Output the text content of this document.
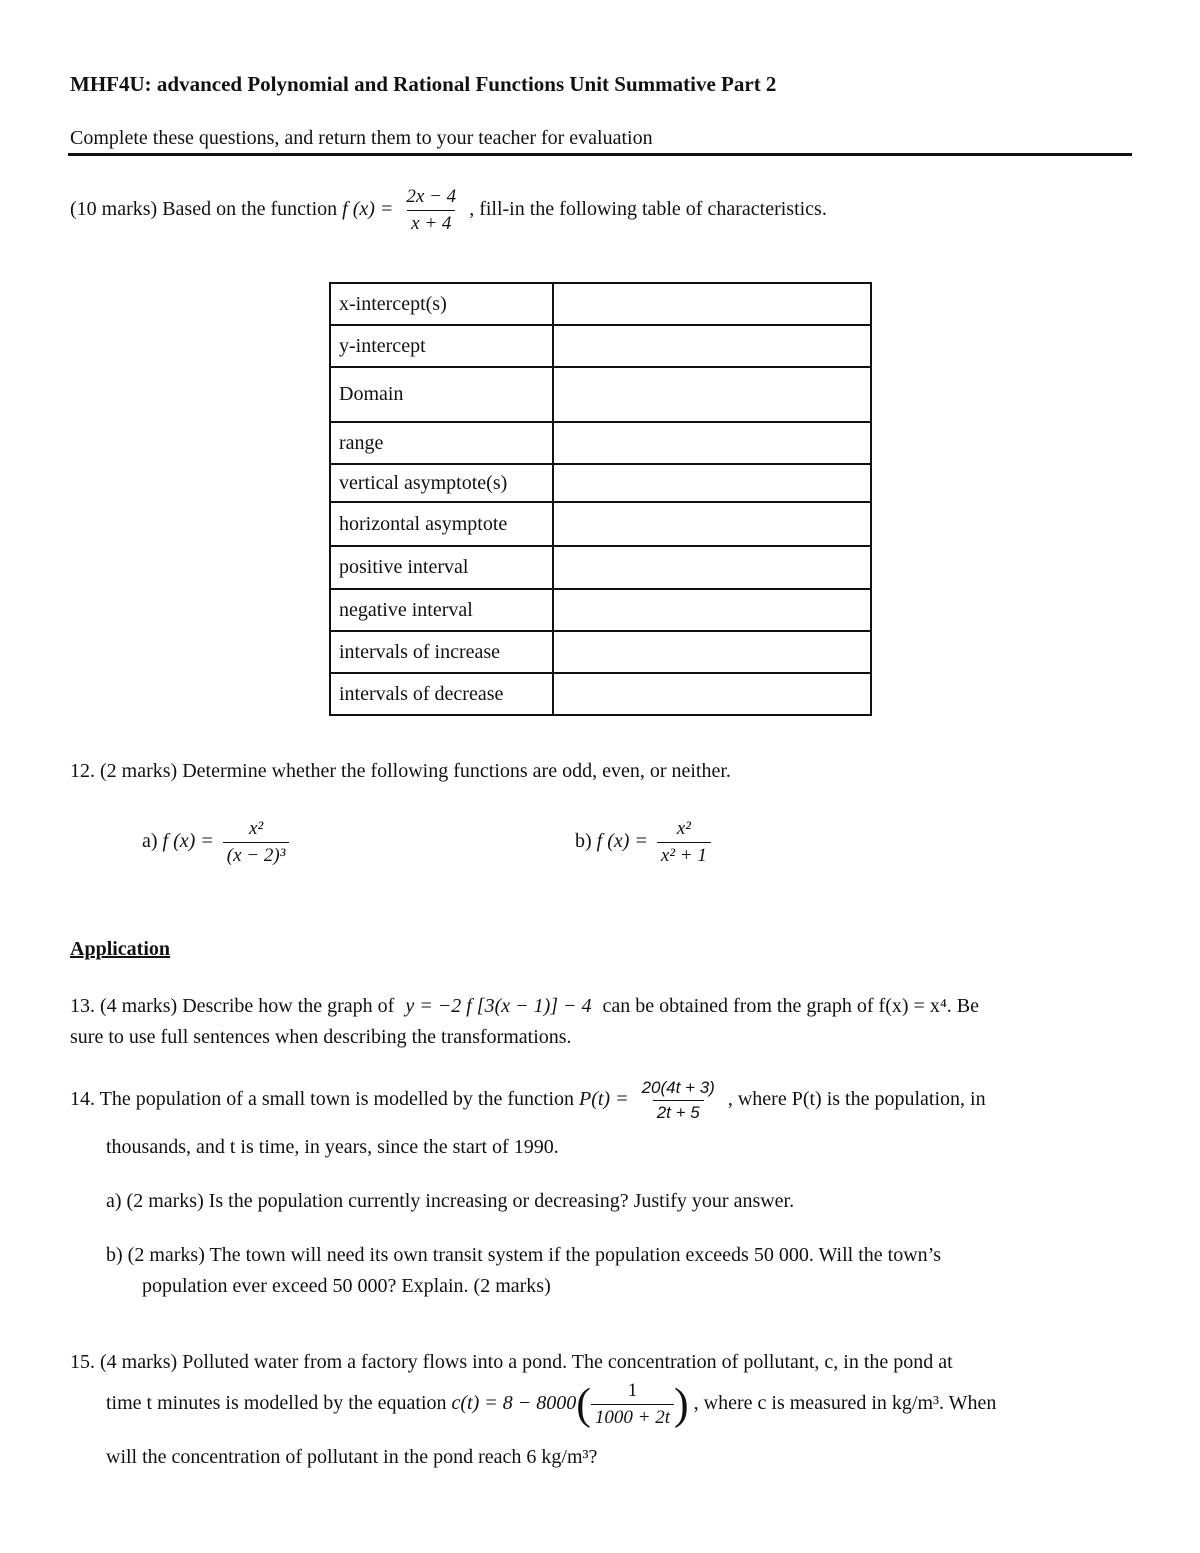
MHF4U: advanced Polynomial and Rational Functions Unit Summative Part 2
Complete these questions, and return them to your teacher for evaluation
(10 marks) Based on the function f $(x) = \frac{2x - 4}{x + 4}$ , fill-in the following table of characteristics.
x-intercept(s)	
y-intercept	
Domain	
range	
vertical asymptote(s)	
horizontal asymptote	
positive interval	
negative interval	
intervals of increase	
intervals of decrease	
12. (2 marks) Determine whether the following functions are odd, even, or neither.
a) f $(x) = \frac{\text{x²}}{\text{(x − 2)³}}$	b) f $(x) = \frac{\text{x²}}{\text{x² + 1}}$
Application
13. (4 marks) Describe how the graph of y = −2 f [3(x − 1)] − 4 can be obtained from the graph of f(x) = x⁴. Be
sure to use full sentences when describing the transformations.
14. The population of a small town is modelled by the function $P(t) = \frac{20(4t + 3)}{2t + 5}$ , where P(t) is the population, in
thousands, and t is time, in years, since the start of 1990.
a) (2 marks) Is the population currently increasing or decreasing? Justify your answer.
b) (2 marks) The town will need its own transit system if the population exceeds 50 000. Will the town’s
population ever exceed 50 000? Explain. (2 marks)
15. (4 marks) Polluted water from a factory flows into a pond. The concentration of pollutant, c, in the pond at
time t minutes is modelled by the equation $c(t) = 8 - 8000( \frac{1}{1000 + 2t}$ ) , where c is measured in kg/m³. When
will the concentration of pollutant in the pond reach 6 kg/m³?
